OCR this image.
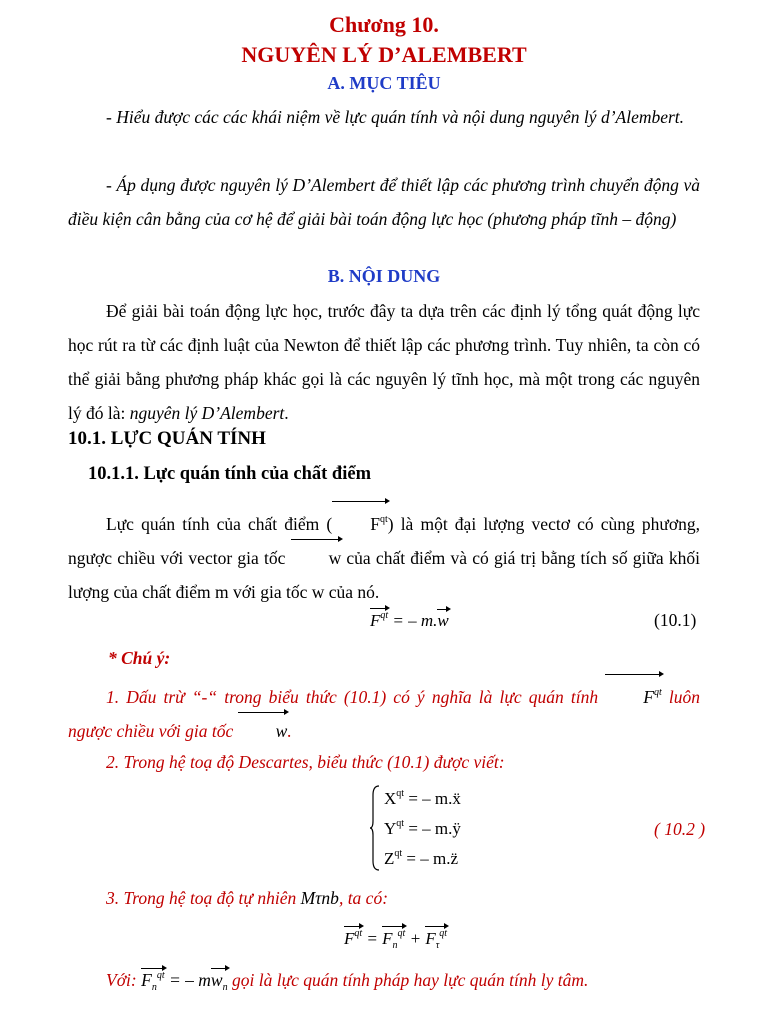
Chương 10.
NGUYÊN LÝ D’ALEMBERT
A. MỤC TIÊU
- Hiểu được các các khái niệm về lực quán tính và nội dung nguyên lý d’Alembert.
- Áp dụng được nguyên lý D’Alembert để thiết lập các phương trình chuyển động và điều kiện cân bằng của cơ hệ để giải bài toán động lực học (phương pháp tĩnh – động)
B. NỘI DUNG
Để giải bài toán động lực học, trước đây ta dựa trên các định lý tổng quát động lực học rút ra từ các định luật của Newton để thiết lập các phương trình. Tuy nhiên, ta còn có thể giải bằng phương pháp khác gọi là các nguyên lý tĩnh học, mà một trong các nguyên lý đó là: nguyên lý D’Alembert.
10.1. LỰC QUÁN TÍNH
10.1.1. Lực quán tính của chất điểm
Lực quán tính của chất điểm ( $F^{qt}$) là một đại lượng vectơ có cùng phương, ngược chiều với vector gia tốc w của chất điểm và có giá trị bằng tích số giữa khối lượng của chất điểm m với gia tốc w của nó.
$F^{qt}$ = – m.w	(10.1)
* Chú ý:
1. Dấu trừ “-“ trong biểu thức (10.1) có ý nghĩa là lực quán tính $F^{qt}$ luôn ngược chiều với gia tốc w.
2. Trong hệ toạ độ Descartes, biểu thức (10.1) được viết:
$X^{qt}$ = – m.ẍ
$Y^{qt}$ = – m.ÿ
$Z^{qt}$ = – m.z̈
( 10.2 )
3. Trong hệ toạ độ tự nhiên Mτnb, ta có:
$F^{qt} = F_n^{qt} + F_\tau^{qt}$
Với: $F_n^{qt}$ = – $mw_n$ gọi là lực quán tính pháp hay lực quán tính ly tâm.
